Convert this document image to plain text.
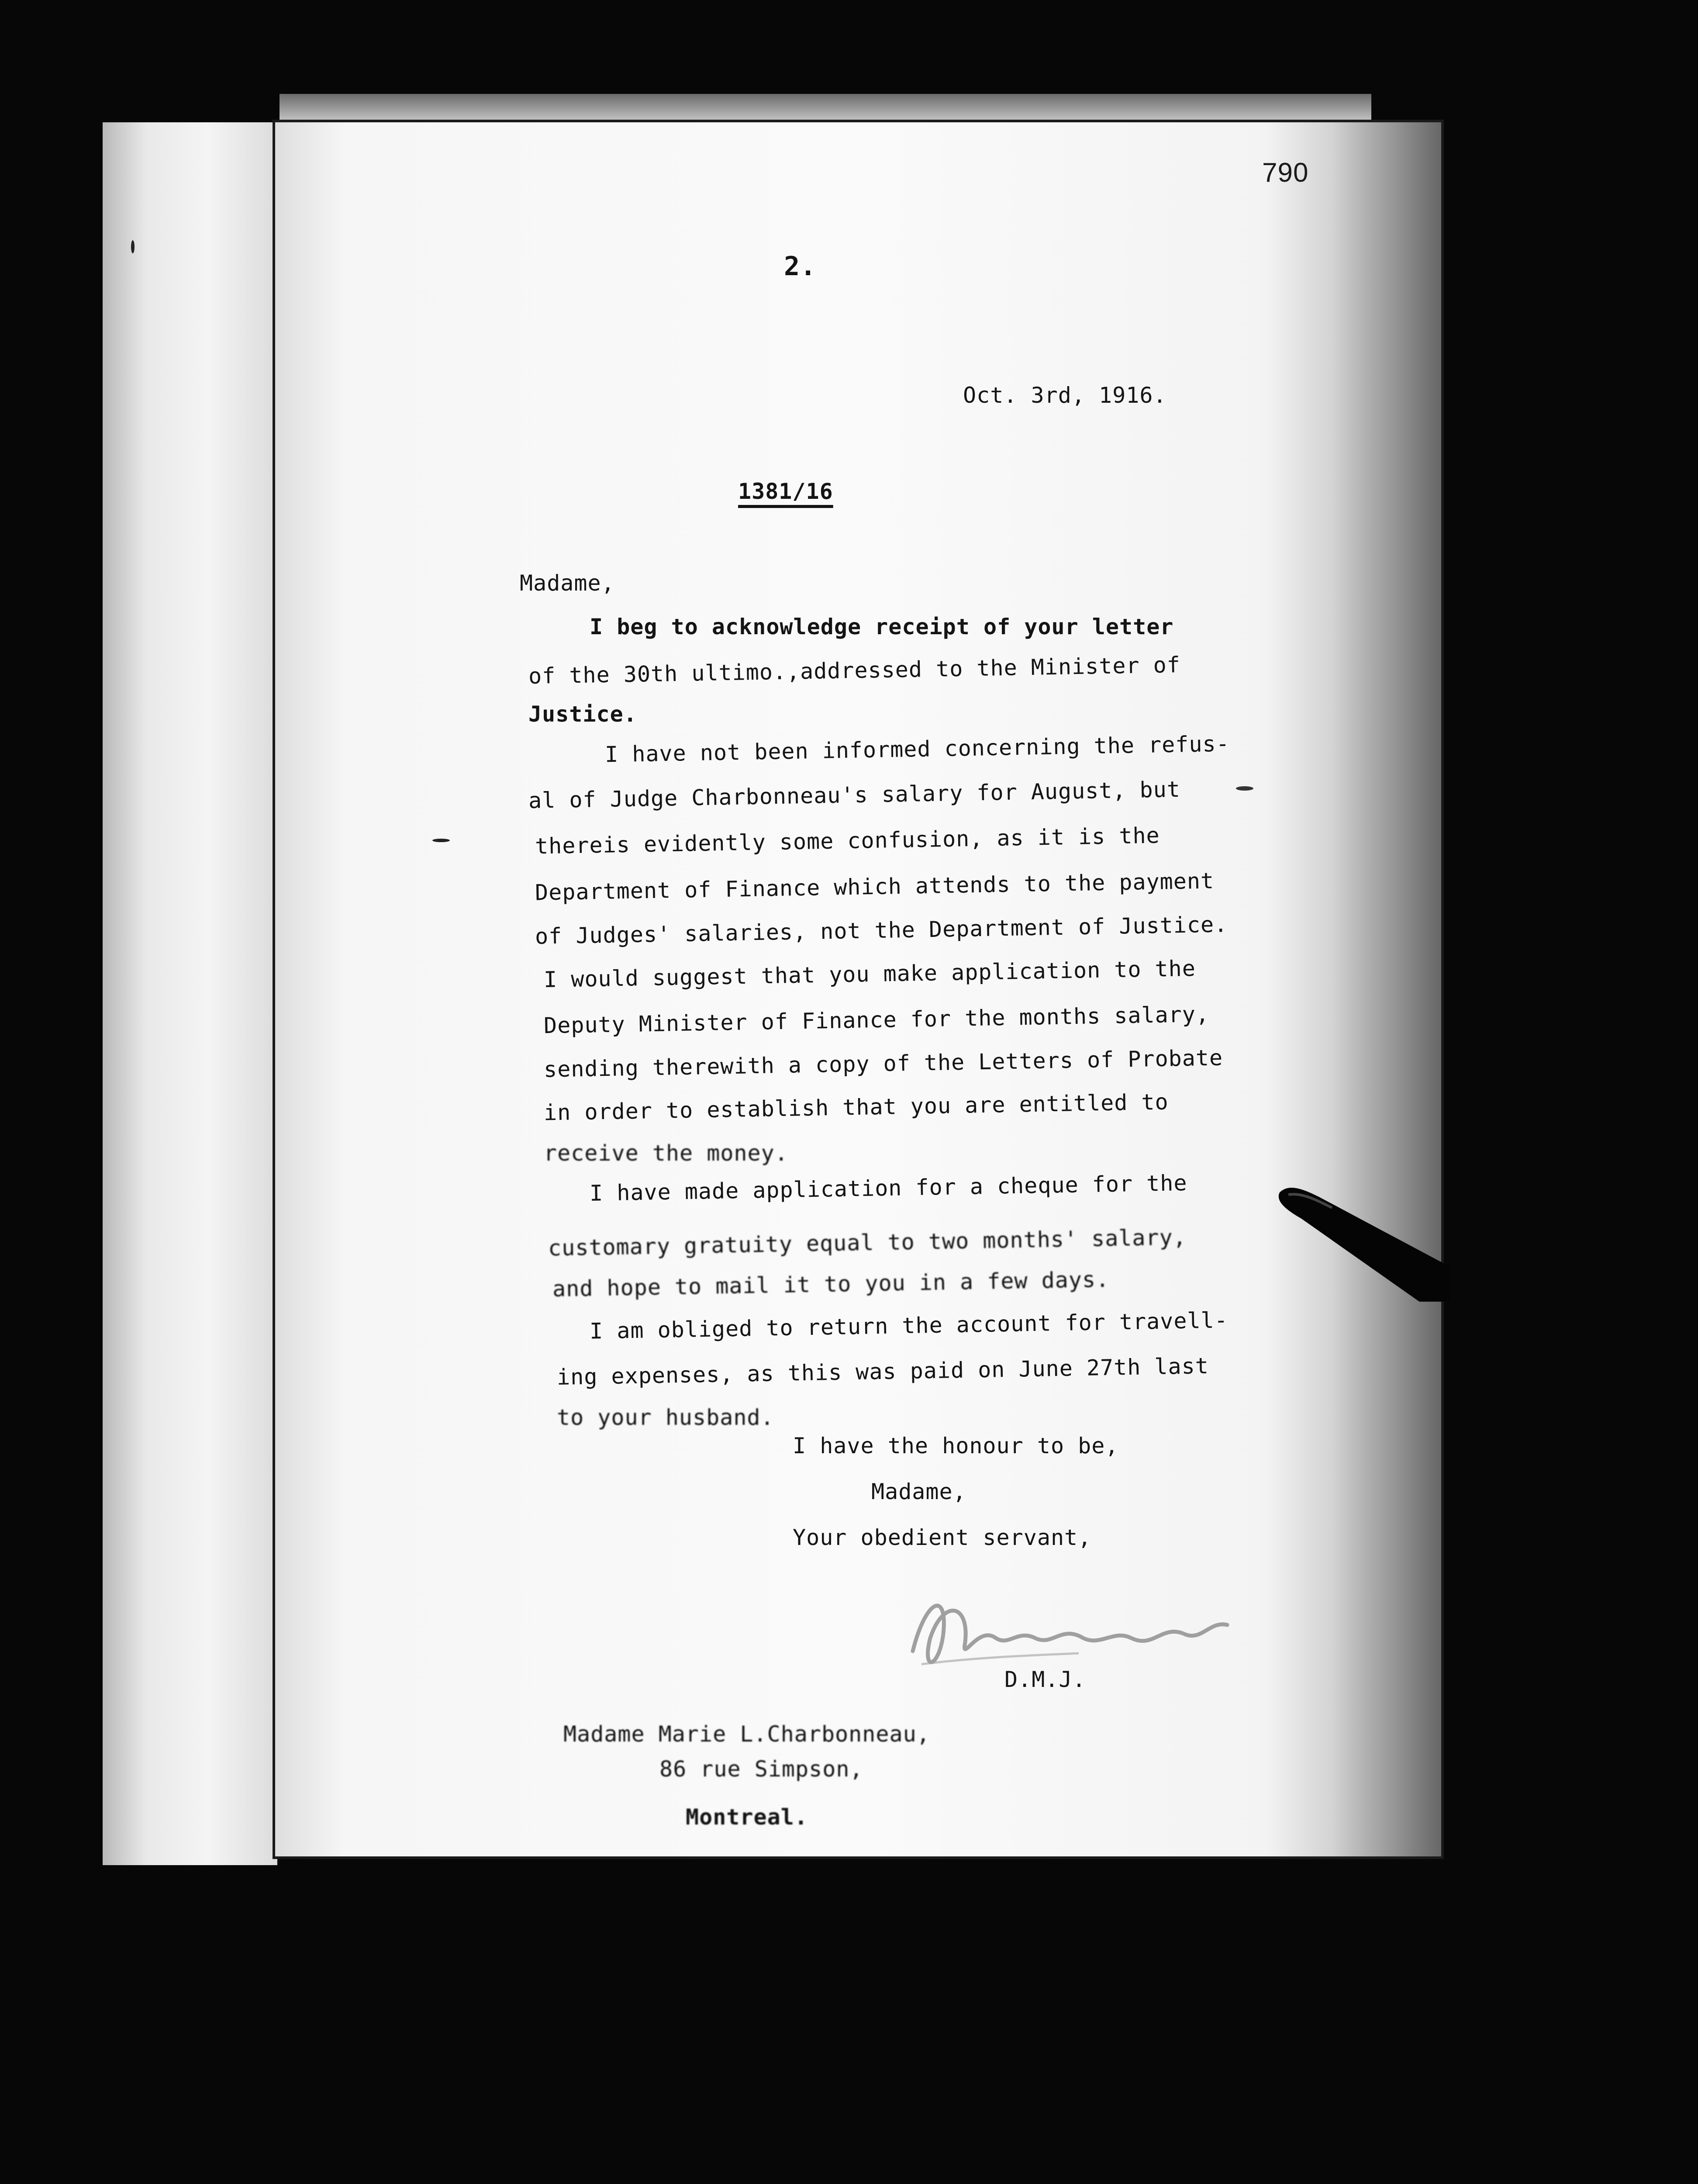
790
2.
Oct. 3rd, 1916.
1381/16
Madame,
I beg to acknowledge receipt of your letter
of the 30th ultimo.,addressed to the Minister of
Justice.
I have not been informed concerning the refus-
al of Judge Charbonneau's salary for August, but
thereis evidently some confusion, as it is the
Department of Finance which attends to the payment
of Judges' salaries, not the Department of Justice.
I would suggest that you make application to the
Deputy Minister of Finance for the months salary,
sending therewith a copy of the Letters of Probate
in order to establish that you are entitled to
receive the money.
I have made application for a cheque for the
customary gratuity equal to two months' salary,
and hope to mail it to you in a few days.
I am obliged to return the account for travell-
ing expenses, as this was paid on June 27th last
to your husband.
I have the honour to be,
Madame,
Your obedient servant,
D.M.J.
Madame Marie L.Charbonneau,
86 rue Simpson,
Montreal.
